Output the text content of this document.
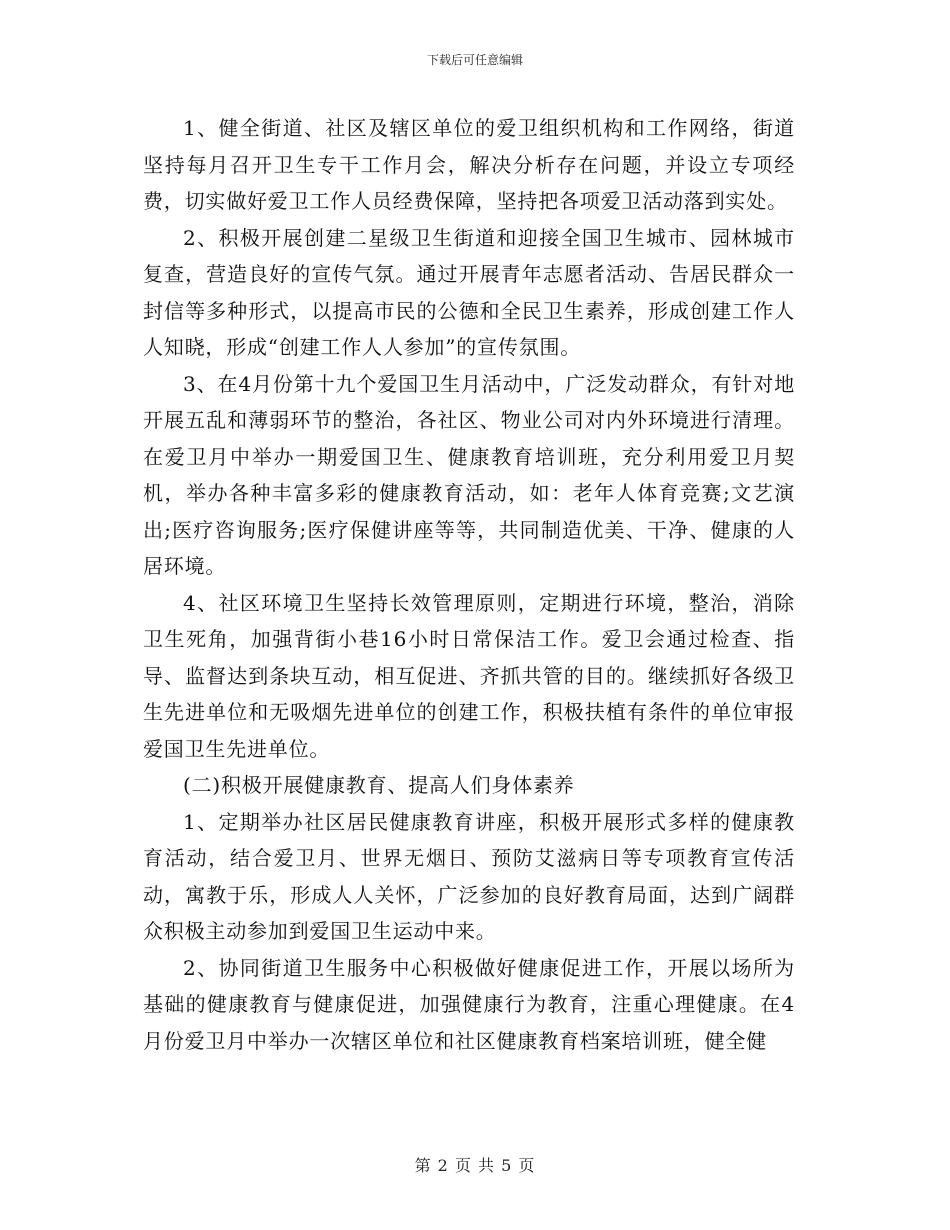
下载后可任意编辑

1、健全街道、社区及辖区单位的爱卫组织机构和工作网络，街道坚持每月召开卫生专干工作月会，解决分析存在问题，并设立专项经费，切实做好爱卫工作人员经费保障，坚持把各项爱卫活动落到实处。

2、积极开展创建二星级卫生街道和迎接全国卫生城市、园林城市复查，营造良好的宣传气氛。通过开展青年志愿者活动、告居民群众一封信等多种形式，以提高市民的公德和全民卫生素养，形成创建工作人人知晓，形成“创建工作人人参加”的宣传氛围。

3、在4月份第十九个爱国卫生月活动中，广泛发动群众，有针对地开展五乱和薄弱环节的整治，各社区、物业公司对内外环境进行清理。在爱卫月中举办一期爱国卫生、健康教育培训班，充分利用爱卫月契机，举办各种丰富多彩的健康教育活动，如：老年人体育竞赛;文艺演出;医疗咨询服务;医疗保健讲座等等，共同制造优美、干净、健康的人居环境。

4、社区环境卫生坚持长效管理原则，定期进行环境，整治，消除卫生死角，加强背街小巷16小时日常保洁工作。爱卫会通过检查、指导、监督达到条块互动，相互促进、齐抓共管的目的。继续抓好各级卫生先进单位和无吸烟先进单位的创建工作，积极扶植有条件的单位审报爱国卫生先进单位。

(二)积极开展健康教育、提高人们身体素养

1、定期举办社区居民健康教育讲座，积极开展形式多样的健康教育活动，结合爱卫月、世界无烟日、预防艾滋病日等专项教育宣传活动，寓教于乐，形成人人关怀，广泛参加的良好教育局面，达到广阔群众积极主动参加到爱国卫生运动中来。

2、协同街道卫生服务中心积极做好健康促进工作，开展以场所为基础的健康教育与健康促进，加强健康行为教育，注重心理健康。在4月份爱卫月中举办一次辖区单位和社区健康教育档案培训班，健全健

第 2 页 共 5 页
